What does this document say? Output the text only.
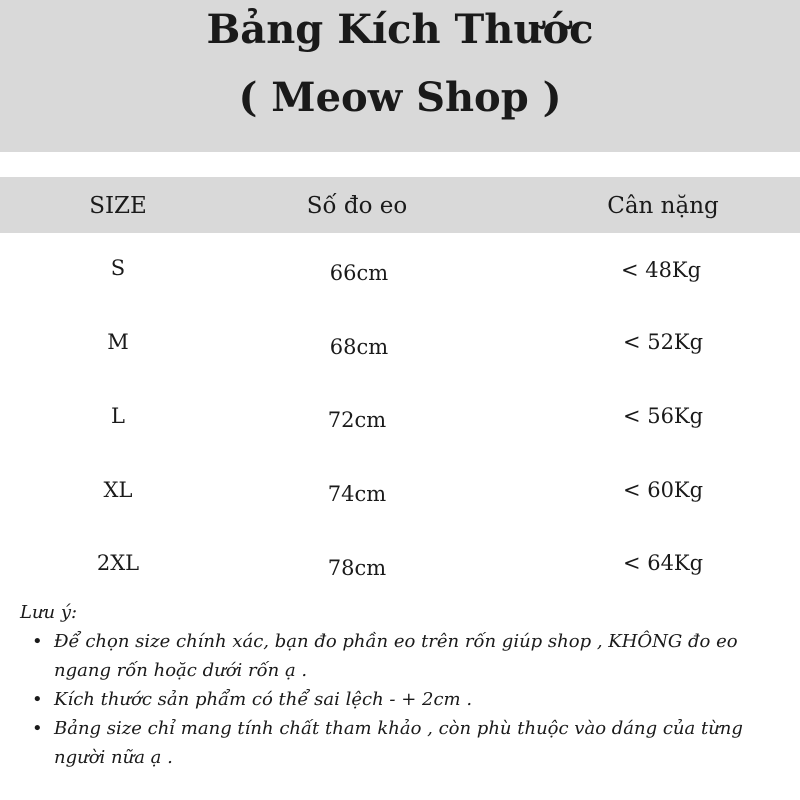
Bảng Kích Thước
( Meow Shop )
SIZE	Số đo eo	Cân nặng
S	66cm	< 48Kg
M	68cm	< 52Kg
L	72cm	< 56Kg
XL	74cm	< 60Kg
2XL	78cm	< 64Kg
Lưu ý:
• Để chọn size chính xác, bạn đo phần eo trên rốn giúp shop , KHÔNG đo eo ngang rốn hoặc dưới rốn ạ .
• Kích thước sản phẩm có thể sai lệch - + 2cm .
• Bảng size chỉ mang tính chất tham khảo , còn phù thuộc vào dáng của từng người nữa ạ .
